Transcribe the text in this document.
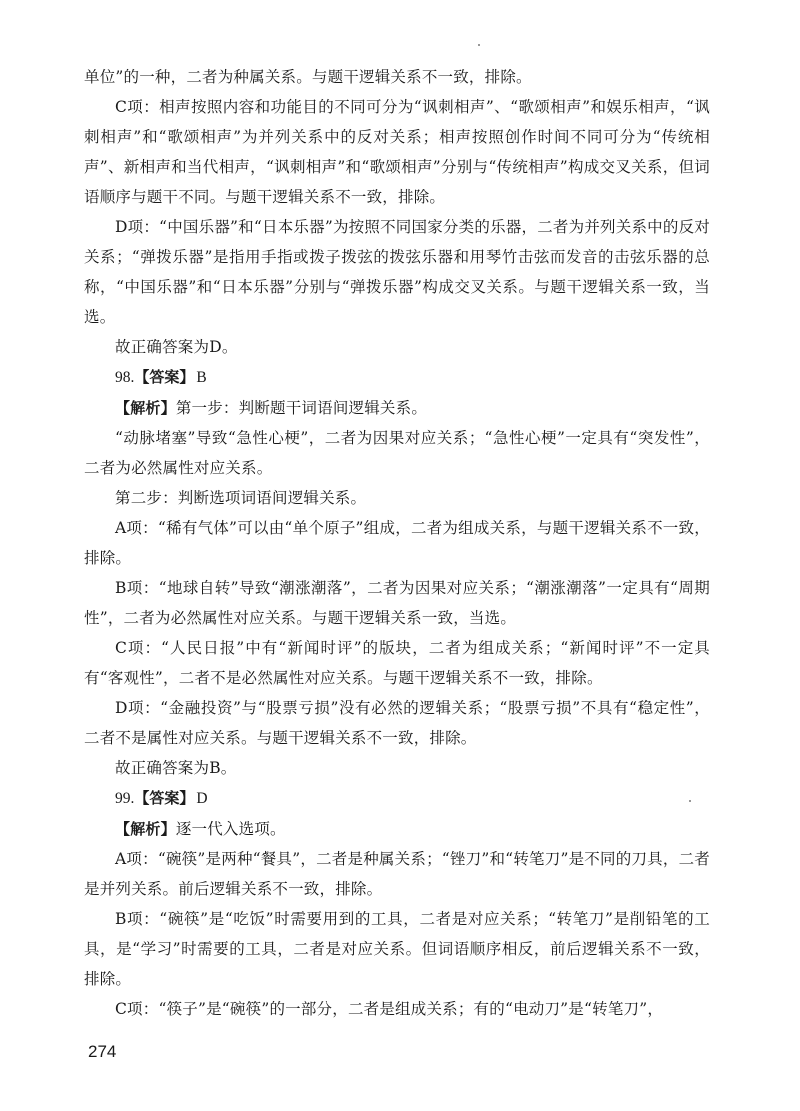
单位”的一种，二者为种属关系。与题干逻辑关系不一致，排除。

C项：相声按照内容和功能目的不同可分为“讽刺相声”、“歌颂相声”和娱乐相声，“讽刺相声”和“歌颂相声”为并列关系中的反对关系；相声按照创作时间不同可分为“传统相声”、新相声和当代相声，“讽刺相声”和“歌颂相声”分别与“传统相声”构成交叉关系，但词语顺序与题干不同。与题干逻辑关系不一致，排除。

D项：“中国乐器”和“日本乐器”为按照不同国家分类的乐器，二者为并列关系中的反对关系；“弹拨乐器”是指用手指或拨子拨弦的拨弦乐器和用琴竹击弦而发音的击弦乐器的总称，“中国乐器”和“日本乐器”分别与“弹拨乐器”构成交叉关系。与题干逻辑关系一致，当选。

故正确答案为D。

98.【答案】 B

【解析】第一步：判断题干词语间逻辑关系。

“动脉堵塞”导致“急性心梗”，二者为因果对应关系；“急性心梗”一定具有“突发性”，二者为必然属性对应关系。

第二步：判断选项词语间逻辑关系。

A项：“稀有气体”可以由“单个原子”组成，二者为组成关系，与题干逻辑关系不一致，排除。

B项：“地球自转”导致“潮涨潮落”，二者为因果对应关系；“潮涨潮落”一定具有“周期性”，二者为必然属性对应关系。与题干逻辑关系一致，当选。

C项：“人民日报”中有“新闻时评”的版块，二者为组成关系；“新闻时评”不一定具有“客观性”，二者不是必然属性对应关系。与题干逻辑关系不一致，排除。

D项：“金融投资”与“股票亏损”没有必然的逻辑关系；“股票亏损”不具有“稳定性”，二者不是属性对应关系。与题干逻辑关系不一致，排除。

故正确答案为B。

99.【答案】 D

【解析】逐一代入选项。

A项：“碗筷”是两种“餐具”，二者是种属关系；“锉刀”和“转笔刀”是不同的刀具，二者是并列关系。前后逻辑关系不一致，排除。

B项：“碗筷”是“吃饭”时需要用到的工具，二者是对应关系；“转笔刀”是削铅笔的工具，是“学习”时需要的工具，二者是对应关系。但词语顺序相反，前后逻辑关系不一致，排除。

C项：“筷子”是“碗筷”的一部分，二者是组成关系；有的“电动刀”是“转笔刀”，

274
